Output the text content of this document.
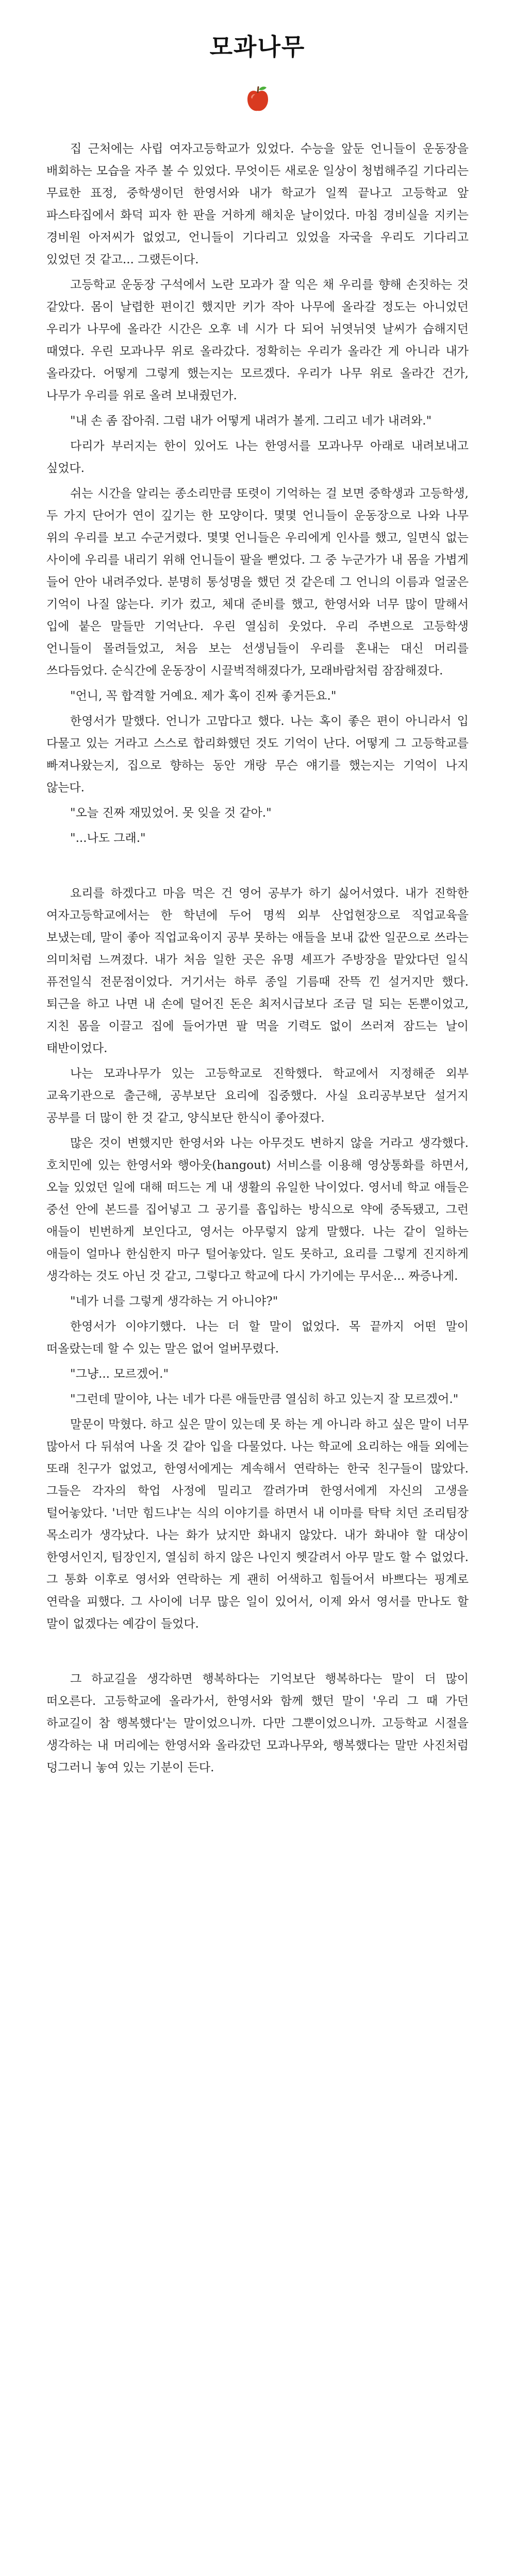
모과나무

집 근처에는 사립 여자고등학교가 있었다. 수능을 앞둔 언니들이 운동장을 배회하는 모습을 자주 볼 수 있었다. 무엇이든 새로운 일상이 청법해주길 기다리는 무료한 표정, 중학생이던 한영서와 내가 학교가 일찍 끝나고 고등학교 앞 파스타집에서 화덕 피자 한 판을 거하게 해치운 날이었다. 마침 경비실을 지키는 경비원 아저씨가 없었고, 언니들이 기다리고 있었을 자국을 우리도 기다리고 있었던 것 같고... 그랬든이다.

고등학교 운동장 구석에서 노란 모과가 잘 익은 채 우리를 향해 손짓하는 것 같았다. 몸이 날렵한 편이긴 했지만 키가 작아 나무에 올라갈 정도는 아니었던 우리가 나무에 올라간 시간은 오후 네 시가 다 되어 뉘엿뉘엿 날씨가 습해지던 때였다. 우린 모과나무 위로 올라갔다. 정확히는 우리가 올라간 게 아니라 내가 올라갔다. 어떻게 그렇게 했는지는 모르겠다. 우리가 나무 위로 올라간 건가, 나무가 우리를 위로 올려 보내줬던가.

"내 손 좀 잡아줘. 그럼 내가 어떻게 내려가 볼게. 그리고 네가 내려와."

다리가 부러지는 한이 있어도 나는 한영서를 모과나무 아래로 내려보내고 싶었다.

쉬는 시간을 알리는 종소리만큼 또렷이 기억하는 걸 보면 중학생과 고등학생, 두 가지 단어가 연이 깊기는 한 모양이다. 몇몇 언니들이 운동장으로 나와 나무 위의 우리를 보고 수군거렸다. 몇몇 언니들은 우리에게 인사를 했고, 일면식 없는 사이에 우리를 내리기 위해 언니들이 팔을 뻗었다. 그 중 누군가가 내 몸을 가볍게 들어 안아 내려주었다. 분명히 통성명을 했던 것 같은데 그 언니의 이름과 얼굴은 기억이 나질 않는다. 키가 컸고, 체대 준비를 했고, 한영서와 너무 많이 말해서 입에 붙은 말들만 기억난다. 우린 열심히 웃었다. 우리 주변으로 고등학생 언니들이 몰려들었고, 처음 보는 선생님들이 우리를 혼내는 대신 머리를 쓰다듬었다. 순식간에 운동장이 시끌벅적해졌다가, 모래바람처럼 잠잠해졌다.

"언니, 꼭 합격할 거예요. 제가 혹이 진짜 좋거든요."

한영서가 말했다. 언니가 고맙다고 했다. 나는 혹이 좋은 편이 아니라서 입 다물고 있는 거라고 스스로 합리화했던 것도 기억이 난다. 어떻게 그 고등학교를 빠져나왔는지, 집으로 향하는 동안 개랑 무슨 얘기를 했는지는 기억이 나지 않는다.

"오늘 진짜 재밌었어. 못 잊을 것 같아."

"...나도 그래."

요리를 하겠다고 마음 먹은 건 영어 공부가 하기 싫어서였다. 내가 진학한 여자고등학교에서는 한 학년에 두어 명씩 외부 산업현장으로 직업교육을 보냈는데, 말이 좋아 직업교육이지 공부 못하는 애들을 보내 값싼 일꾼으로 쓰라는 의미처럼 느껴졌다. 내가 처음 일한 곳은 유명 셰프가 주방장을 맡았다던 일식 퓨전일식 전문점이었다. 거기서는 하루 종일 기름때 잔뜩 낀 설거지만 했다. 퇴근을 하고 나면 내 손에 덜어진 돈은 최저시급보다 조금 덜 되는 돈뿐이었고, 지친 몸을 이끌고 집에 들어가면 팔 먹을 기력도 없이 쓰러져 잠드는 날이 태반이었다.

나는 모과나무가 있는 고등학교로 진학했다. 학교에서 지정해준 외부 교육기관으로 출근해, 공부보단 요리에 집중했다. 사실 요리공부보단 설거지 공부를 더 많이 한 것 같고, 양식보단 한식이 좋아졌다.

많은 것이 변했지만 한영서와 나는 아무것도 변하지 않을 거라고 생각했다. 호치민에 있는 한영서와 행아웃(hangout) 서비스를 이용해 영상통화를 하면서, 오늘 있었던 일에 대해 떠드는 게 내 생활의 유일한 낙이었다. 영서네 학교 애들은 중선 안에 본드를 집어넣고 그 공기를 흡입하는 방식으로 약에 중독됐고, 그런 애들이 빈번하게 보인다고, 영서는 아무렇지 않게 말했다. 나는 같이 일하는 애들이 얼마나 한심한지 마구 털어놓았다. 일도 못하고, 요리를 그렇게 진지하게 생각하는 것도 아닌 것 같고, 그렇다고 학교에 다시 가기에는 무서운... 짜증나게.

"네가 너를 그렇게 생각하는 거 아니야?"

한영서가 이야기했다. 나는 더 할 말이 없었다. 목 끝까지 어떤 말이 떠올랐는데 할 수 있는 말은 없어 얼버무렸다.

"그냥... 모르겠어."

"그런데 말이야, 나는 네가 다른 애들만큼 열심히 하고 있는지 잘 모르겠어."

말문이 막혔다. 하고 싶은 말이 있는데 못 하는 게 아니라 하고 싶은 말이 너무 많아서 다 뒤섞여 나올 것 같아 입을 다물었다. 나는 학교에 요리하는 애들 외에는 또래 친구가 없었고, 한영서에게는 계속해서 연락하는 한국 친구들이 많았다. 그들은 각자의 학업 사정에 밀리고 깔려가며 한영서에게 자신의 고생을 털어놓았다. '너만 힘드냐'는 식의 이야기를 하면서 내 이마를 탁탁 치던 조리팀장 목소리가 생각났다. 나는 화가 났지만 화내지 않았다. 내가 화내야 할 대상이 한영서인지, 팀장인지, 열심히 하지 않은 나인지 헷갈려서 아무 말도 할 수 없었다. 그 통화 이후로 영서와 연락하는 게 괜히 어색하고 힘들어서 바쁘다는 핑계로 연락을 피했다. 그 사이에 너무 많은 일이 있어서, 이제 와서 영서를 만나도 할 말이 없겠다는 예감이 들었다.

그 하교길을 생각하면 행복하다는 기억보단 행복하다는 말이 더 많이 떠오른다. 고등학교에 올라가서, 한영서와 함께 했던 말이 '우리 그 때 가던 하교길이 참 행복했다'는 말이었으니까. 다만 그뿐이었으니까. 고등학교 시절을 생각하는 내 머리에는 한영서와 올라갔던 모과나무와, 행복했다는 말만 사진처럼 덩그러니 놓여 있는 기분이 든다.
